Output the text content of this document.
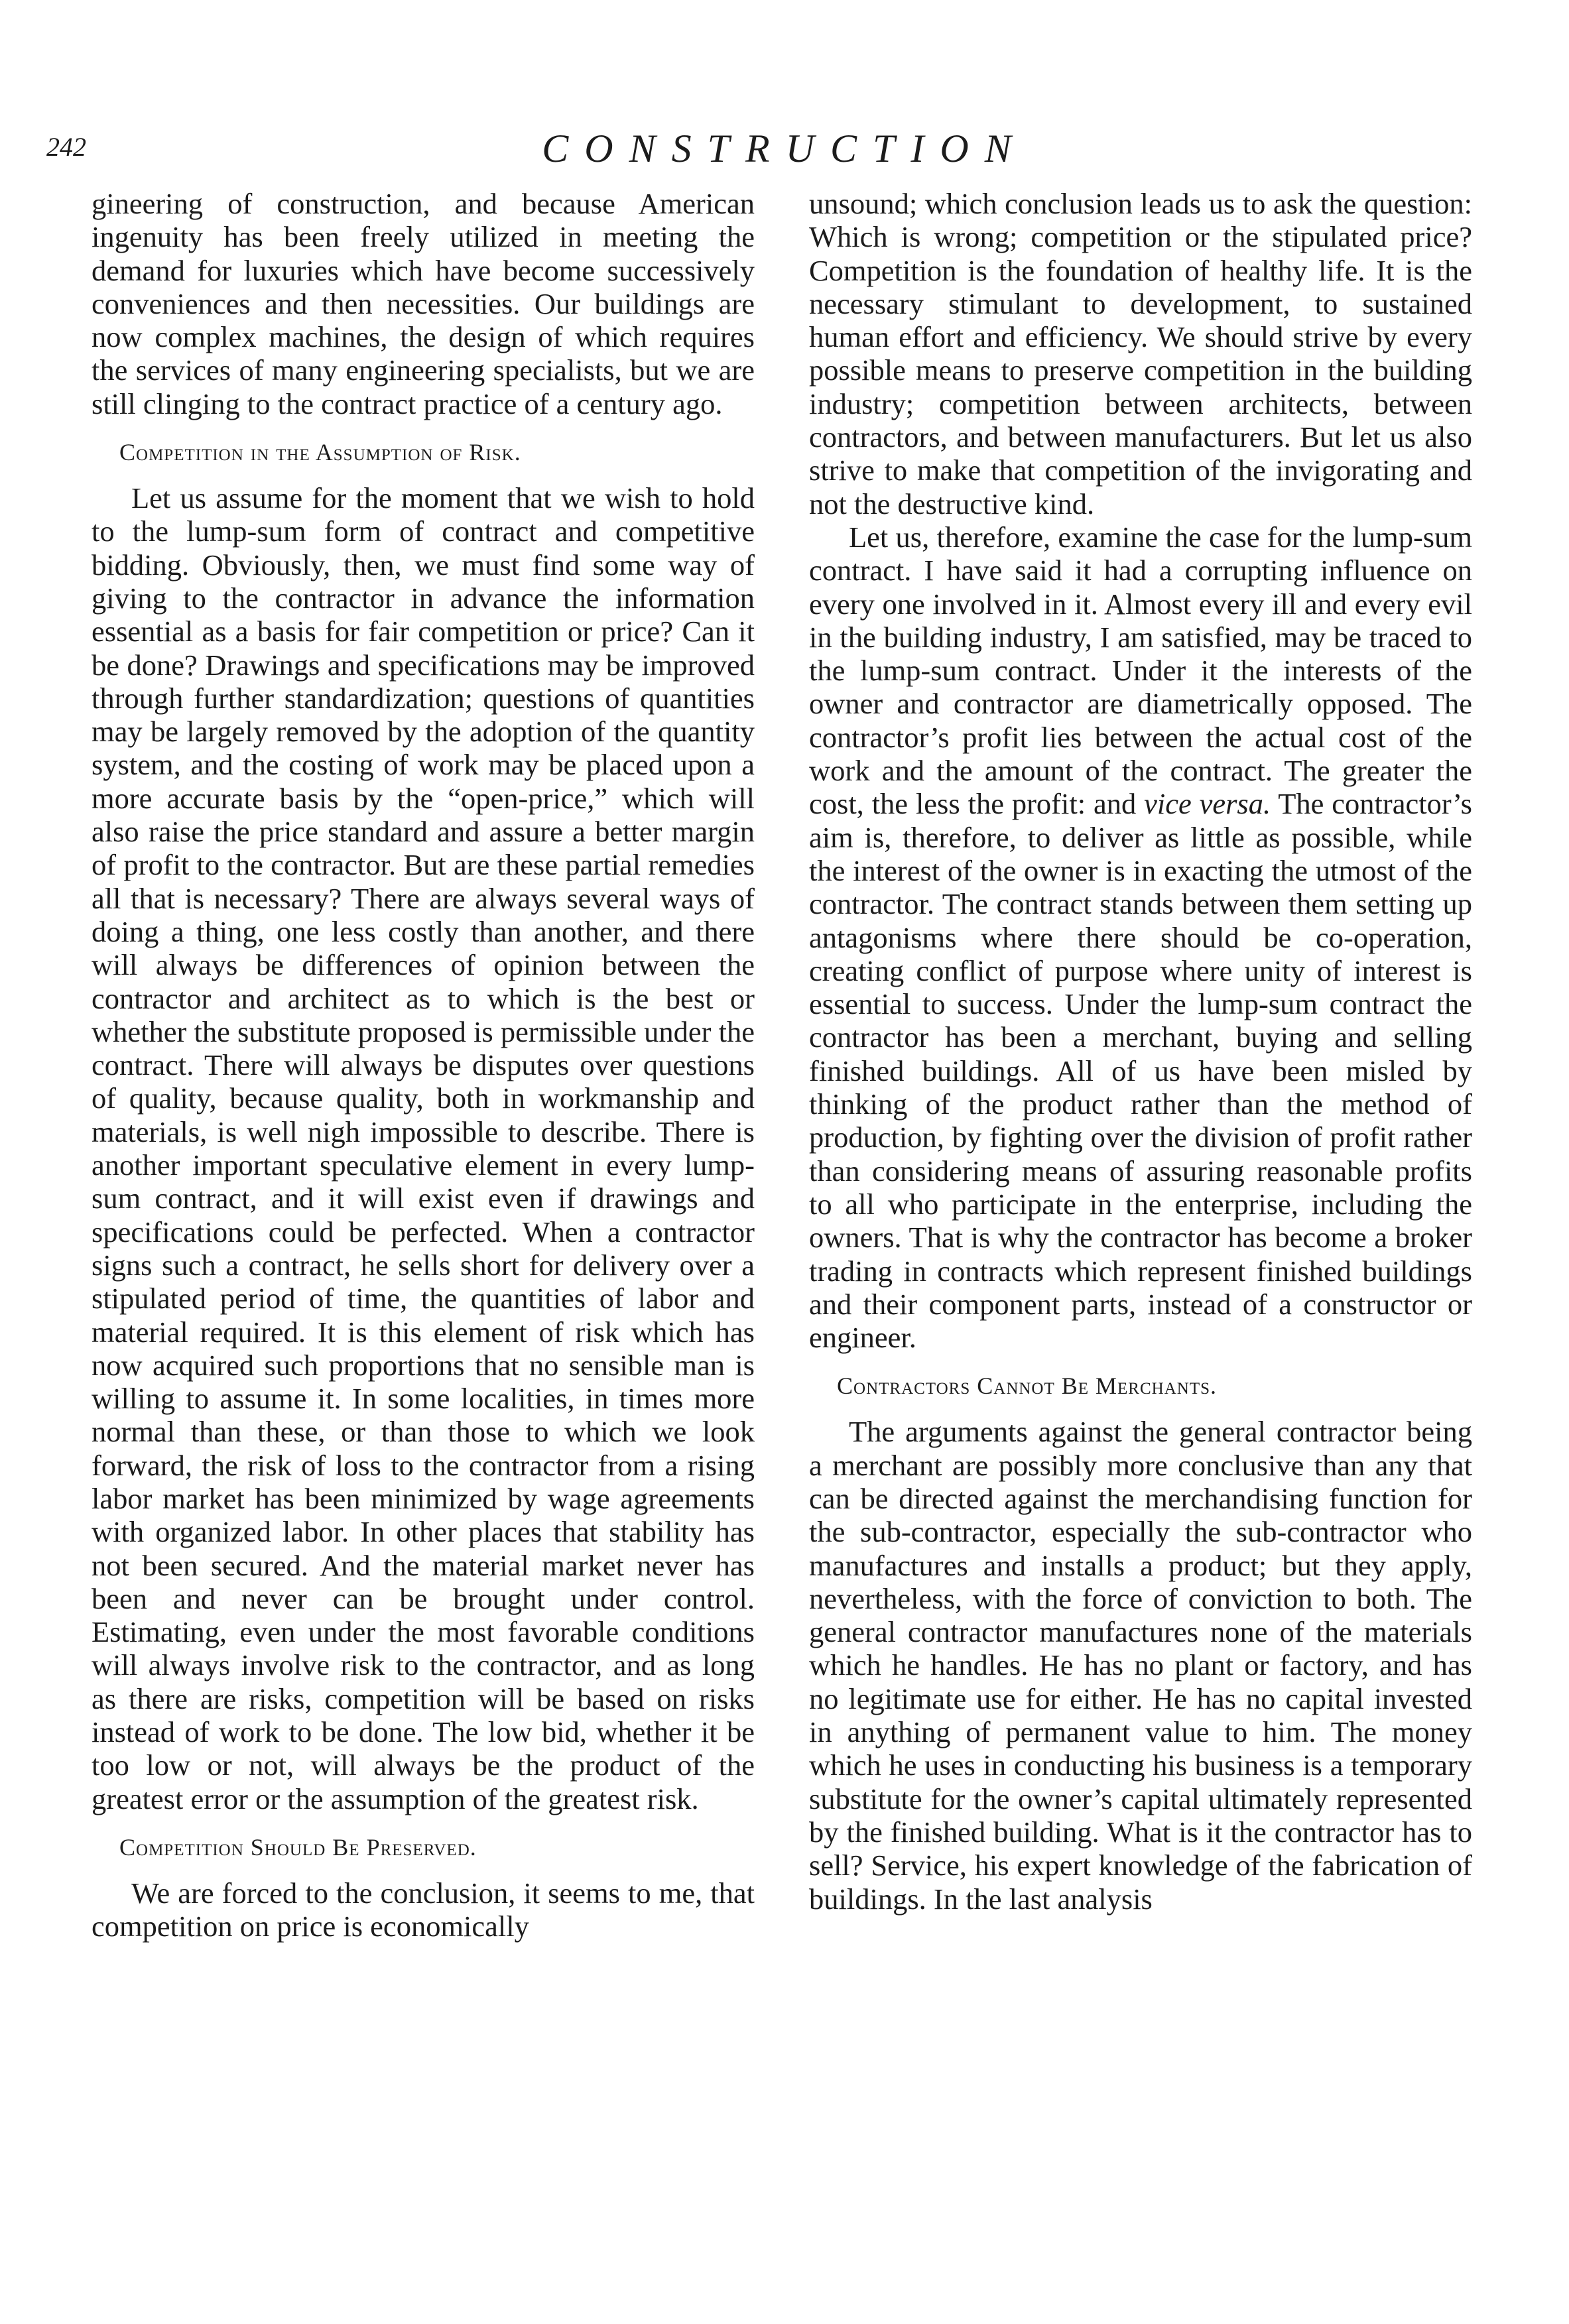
242	CONSTRUCTION

gineering of construction, and because American ingenuity has been freely utilized in meeting the demand for luxuries which have become successively conveniences and then necessities. Our buildings are now complex machines, the design of which requires the services of many engineering specialists, but we are still clinging to the contract practice of a century ago.

Competition in the Assumption of Risk.

Let us assume for the moment that we wish to hold to the lump-sum form of contract and competitive bidding. Obviously, then, we must find some way of giving to the contractor in advance the information essential as a basis for fair competition or price? Can it be done? Drawings and specifications may be improved through further standardization; questions of quantities may be largely removed by the adoption of the quantity system, and the costing of work may be placed upon a more accurate basis by the “open-price,” which will also raise the price standard and assure a better margin of profit to the contractor. But are these partial remedies all that is necessary? There are always several ways of doing a thing, one less costly than another, and there will always be differences of opinion between the contractor and architect as to which is the best or whether the substitute proposed is permissible under the contract. There will always be disputes over questions of quality, because quality, both in workmanship and materials, is well nigh impossible to describe. There is another important speculative element in every lump-sum contract, and it will exist even if drawings and specifications could be perfected. When a contractor signs such a contract, he sells short for delivery over a stipulated period of time, the quantities of labor and material required. It is this element of risk which has now acquired such proportions that no sensible man is willing to assume it. In some localities, in times more normal than these, or than those to which we look forward, the risk of loss to the contractor from a rising labor market has been minimized by wage agreements with organized labor. In other places that stability has not been secured. And the material market never has been and never can be brought under control. Estimating, even under the most favorable conditions will always involve risk to the contractor, and as long as there are risks, competition will be based on risks instead of work to be done. The low bid, whether it be too low or not, will always be the product of the greatest error or the assumption of the greatest risk.

Competition Should Be Preserved.

We are forced to the conclusion, it seems to me, that competition on price is economically

unsound; which conclusion leads us to ask the question: Which is wrong; competition or the stipulated price? Competition is the foundation of healthy life. It is the necessary stimulant to development, to sustained human effort and efficiency. We should strive by every possible means to preserve competition in the building industry; competition between architects, between contractors, and between manufacturers. But let us also strive to make that competition of the invigorating and not the destructive kind.

Let us, therefore, examine the case for the lump-sum contract. I have said it had a corrupting influence on every one involved in it. Almost every ill and every evil in the building industry, I am satisfied, may be traced to the lump-sum contract. Under it the interests of the owner and contractor are diametrically opposed. The contractor’s profit lies between the actual cost of the work and the amount of the contract. The greater the cost, the less the profit: and vice versa. The contractor’s aim is, therefore, to deliver as little as possible, while the interest of the owner is in exacting the utmost of the contractor. The contract stands between them setting up antagonisms where there should be co-operation, creating conflict of purpose where unity of interest is essential to success. Under the lump-sum contract the contractor has been a merchant, buying and selling finished buildings. All of us have been misled by thinking of the product rather than the method of production, by fighting over the division of profit rather than considering means of assuring reasonable profits to all who participate in the enterprise, including the owners. That is why the contractor has become a broker trading in contracts which represent finished buildings and their component parts, instead of a constructor or engineer.

Contractors Cannot Be Merchants.

The arguments against the general contractor being a merchant are possibly more conclusive than any that can be directed against the merchandising function for the sub-contractor, especially the sub-contractor who manufactures and installs a product; but they apply, nevertheless, with the force of conviction to both. The general contractor manufactures none of the materials which he handles. He has no plant or factory, and has no legitimate use for either. He has no capital invested in anything of permanent value to him. The money which he uses in conducting his business is a temporary substitute for the owner’s capital ultimately represented by the finished building. What is it the contractor has to sell? Service, his expert knowledge of the fabrication of buildings. In the last analysis
